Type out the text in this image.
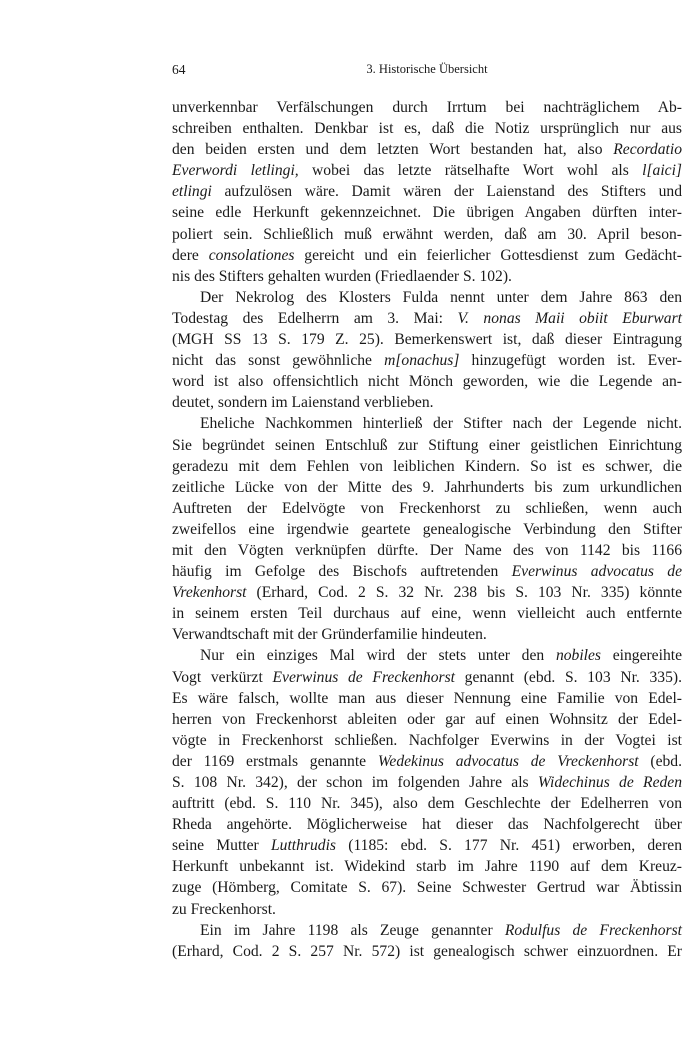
64	3. Historische Übersicht
unverkennbar Verfälschungen durch Irrtum bei nachträglichem Ab-
schreiben enthalten. Denkbar ist es, daß die Notiz ursprünglich nur aus
den beiden ersten und dem letzten Wort bestanden hat, also Recordatio
Everwordi letlingi, wobei das letzte rätselhafte Wort wohl als l[aici]
etlingi aufzulösen wäre. Damit wären der Laienstand des Stifters und
seine edle Herkunft gekennzeichnet. Die übrigen Angaben dürften inter-
poliert sein. Schließlich muß erwähnt werden, daß am 30. April beson-
dere consolationes gereicht und ein feierlicher Gottesdienst zum Gedächt-
nis des Stifters gehalten wurden (Friedlaender S. 102).
Der Nekrolog des Klosters Fulda nennt unter dem Jahre 863 den
Todestag des Edelherrn am 3. Mai: V. nonas Maii obiit Eburwart
(MGH SS 13 S. 179 Z. 25). Bemerkenswert ist, daß dieser Eintragung
nicht das sonst gewöhnliche m[onachus] hinzugefügt worden ist. Ever-
word ist also offensichtlich nicht Mönch geworden, wie die Legende an-
deutet, sondern im Laienstand verblieben.
Eheliche Nachkommen hinterließ der Stifter nach der Legende nicht.
Sie begründet seinen Entschluß zur Stiftung einer geistlichen Einrichtung
geradezu mit dem Fehlen von leiblichen Kindern. So ist es schwer, die
zeitliche Lücke von der Mitte des 9. Jahrhunderts bis zum urkundlichen
Auftreten der Edelvögte von Freckenhorst zu schließen, wenn auch
zweifellos eine irgendwie geartete genealogische Verbindung den Stifter
mit den Vögten verknüpfen dürfte. Der Name des von 1142 bis 1166
häufig im Gefolge des Bischofs auftretenden Everwinus advocatus de
Vrekenhorst (Erhard, Cod. 2 S. 32 Nr. 238 bis S. 103 Nr. 335) könnte
in seinem ersten Teil durchaus auf eine, wenn vielleicht auch entfernte
Verwandtschaft mit der Gründerfamilie hindeuten.
Nur ein einziges Mal wird der stets unter den nobiles eingereihte
Vogt verkürzt Everwinus de Freckenhorst genannt (ebd. S. 103 Nr. 335).
Es wäre falsch, wollte man aus dieser Nennung eine Familie von Edel-
herren von Freckenhorst ableiten oder gar auf einen Wohnsitz der Edel-
vögte in Freckenhorst schließen. Nachfolger Everwins in der Vogtei ist
der 1169 erstmals genannte Wedekinus advocatus de Vreckenhorst (ebd.
S. 108 Nr. 342), der schon im folgenden Jahre als Widechinus de Reden
auftritt (ebd. S. 110 Nr. 345), also dem Geschlechte der Edelherren von
Rheda angehörte. Möglicherweise hat dieser das Nachfolgerecht über
seine Mutter Lutthrudis (1185: ebd. S. 177 Nr. 451) erworben, deren
Herkunft unbekannt ist. Widekind starb im Jahre 1190 auf dem Kreuz-
zuge (Hömberg, Comitate S. 67). Seine Schwester Gertrud war Äbtissin
zu Freckenhorst.
Ein im Jahre 1198 als Zeuge genannter Rodulfus de Freckenhorst
(Erhard, Cod. 2 S. 257 Nr. 572) ist genealogisch schwer einzuordnen. Er
